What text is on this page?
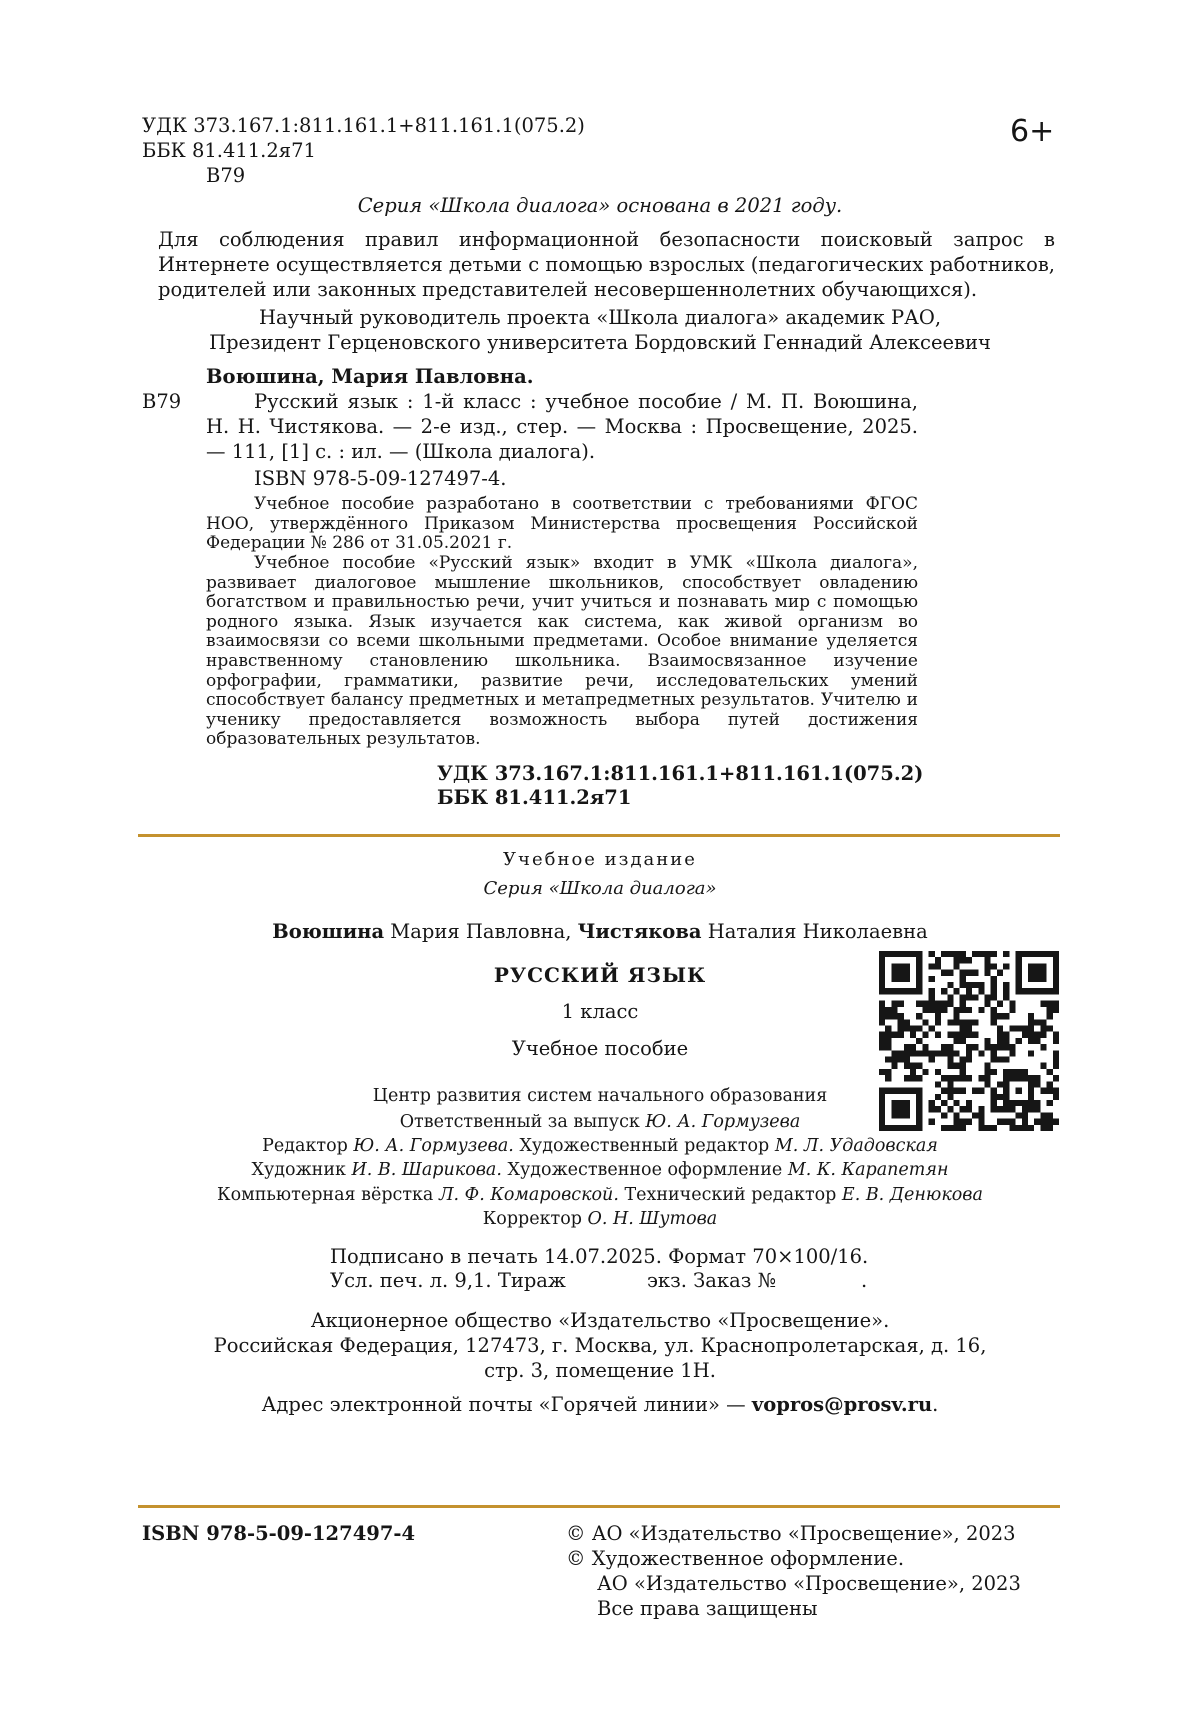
УДК 373.167.1:811.161.1+811.161.1(075.2)
ББК 81.411.2я71
В79
6+
Серия «Школа диалога» основана в 2021 году.
Для соблюдения правил информационной безопасности поисковый запрос в Интернете осуществляется детьми с помощью взрослых (педагогических работников, родителей или законных представителей несовершеннолетних обучающихся).
Научный руководитель проекта «Школа диалога» академик РАО,
Президент Герценовского университета Бордовский Геннадий Алексеевич
Воюшина, Мария Павловна.
В79	Русский язык : 1-й класс : учебное пособие / М. П. Воюшина, Н. Н. Чистякова. — 2-е изд., стер. — Москва : Просвещение, 2025. — 111, [1] с. : ил. — (Школа диалога).
ISBN 978-5-09-127497-4.
Учебное пособие разработано в соответствии с требованиями ФГОС НОО, утверждённого Приказом Министерства просвещения Российской Федерации № 286 от 31.05.2021 г.
Учебное пособие «Русский язык» входит в УМК «Школа диалога», развивает диалоговое мышление школьников, способствует овладению богатством и правильностью речи, учит учиться и познавать мир с помощью родного языка. Язык изучается как система, как живой организм во взаимосвязи со всеми школьными предметами. Особое внимание уделяется нравственному становлению школьника. Взаимосвязанное изучение орфографии, грамматики, развитие речи, исследовательских умений способствует балансу предметных и метапредметных результатов. Учителю и ученику предоставляется возможность выбора путей достижения образовательных результатов.
УДК 373.167.1:811.161.1+811.161.1(075.2)
ББК 81.411.2я71
Учебное издание
Серия «Школа диалога»
Воюшина Мария Павловна, Чистякова Наталия Николаевна
РУССКИЙ ЯЗЫК
1 класс
Учебное пособие
Центр развития систем начального образования
Ответственный за выпуск Ю. А. Гормузева
Редактор Ю. А. Гормузева. Художественный редактор М. Л. Удадовская
Художник И. В. Шарикова. Художественное оформление М. К. Карапетян
Компьютерная вёрстка Л. Ф. Комаровской. Технический редактор Е. В. Денюкова
Корректор О. Н. Шутова
Подписано в печать 14.07.2025. Формат 70×100/16.
Усл. печ. л. 9,1. Тираж	экз. Заказ №	.
Акционерное общество «Издательство «Просвещение».
Российская Федерация, 127473, г. Москва, ул. Краснопролетарская, д. 16,
стр. 3, помещение 1Н.
Адрес электронной почты «Горячей линии» — vopros@prosv.ru.
ISBN 978-5-09-127497-4	© АО «Издательство «Просвещение», 2023
© Художественное оформление.
АО «Издательство «Просвещение», 2023
Все права защищены
